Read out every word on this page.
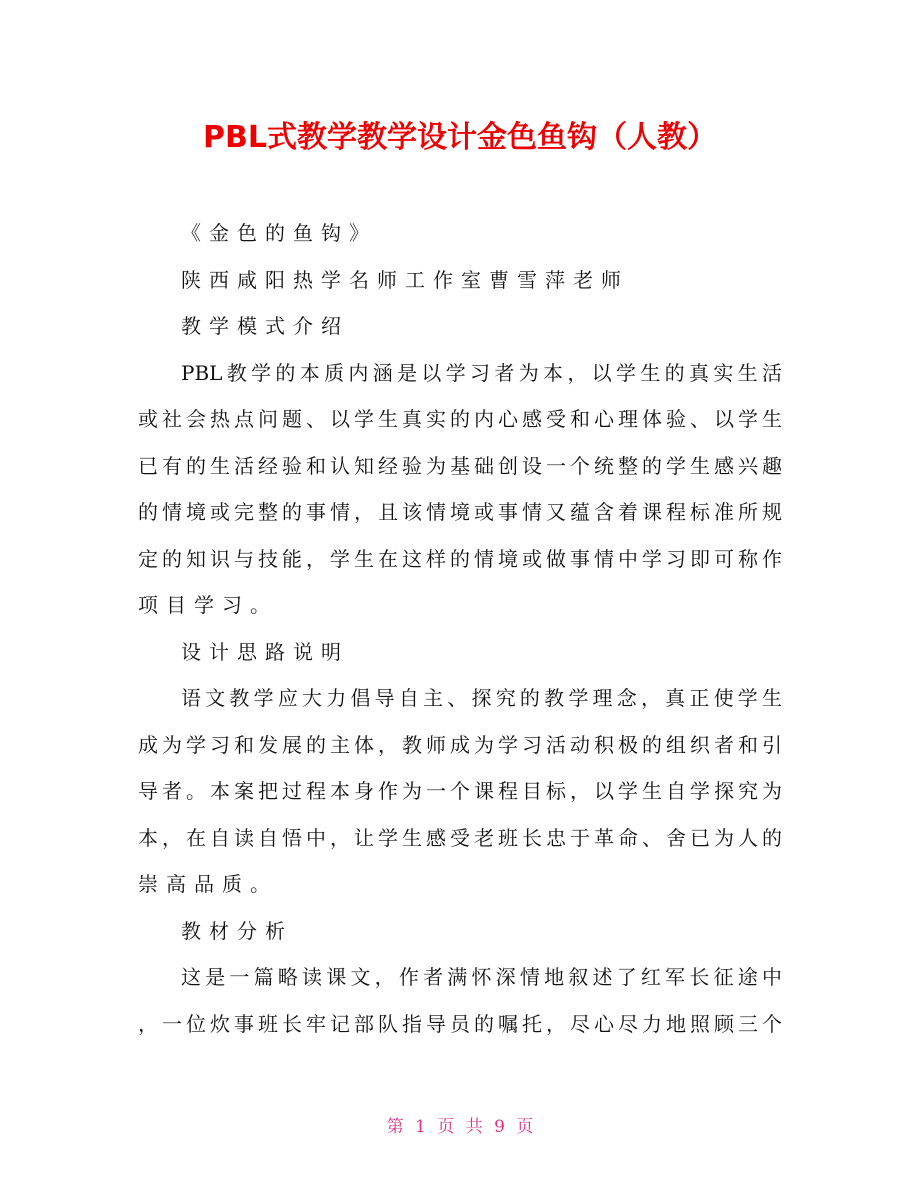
PBL式教学教学设计金色鱼钩（人教）
《金色的鱼钩》
陕西咸阳热学名师工作室曹雪萍老师
教学模式介绍
PBL教学的本质内涵是以学习者为本，以学生的真实生活
或社会热点问题、以学生真实的内心感受和心理体验、以学生
已有的生活经验和认知经验为基础创设一个统整的学生感兴趣
的情境或完整的事情，且该情境或事情又蕴含着课程标准所规
定的知识与技能，学生在这样的情境或做事情中学习即可称作
项目学习。
设计思路说明
语文教学应大力倡导自主、探究的教学理念，真正使学生
成为学习和发展的主体，教师成为学习活动积极的组织者和引
导者。本案把过程本身作为一个课程目标，以学生自学探究为
本，在自读自悟中，让学生感受老班长忠于革命、舍已为人的
崇高品质。
教材分析
这是一篇略读课文，作者满怀深情地叙述了红军长征途中
，一位炊事班长牢记部队指导员的嘱托，尽心尽力地照顾三个
第 1 页 共 9 页
